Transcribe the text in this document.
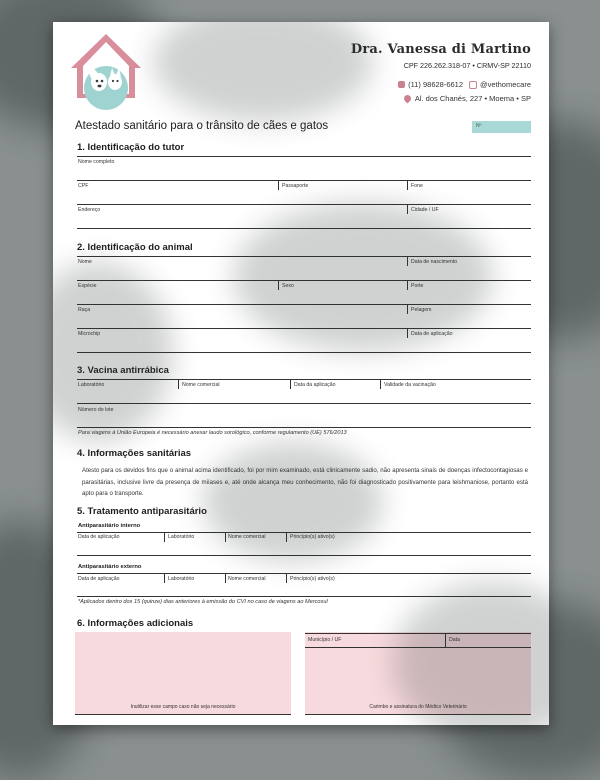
Dra. Vanessa di Martino
CPF 226.262.318-07 • CRMV-SP 22110
(11) 98628-6612 @vethomecare
Al. dos Chanés, 227 • Moema • SP
Atestado sanitário para o trânsito de cães e gatos	Nº
1. Identificação do tutor
Nome completo
CPF	Passaporte	Fone
Endereço	Cidade / UF
2. Identificação do animal
Nome	Data de nascimento
Espécie	Sexo	Porte
Raça	Pelagem
Microchip	Data de aplicação
3. Vacina antirrábica
Laboratório	Nome comercial	Data da aplicação	Validade da vacinação
Número do lote
Para viagens à União Europeia é necessário anexar laudo sorológico, conforme regulamento (UE) 576/2013
4. Informações sanitárias
Atesto para os devidos fins que o animal acima identificado, foi por mim examinado, está clinicamente sadio, não apresenta sinais de doenças infectocontagiosas e parasitárias, inclusive livre da presença de miíases e, até onde alcança meu conhecimento, não foi diagnosticado positivamente para leishmaniose, portanto está apto para o transporte.
5. Tratamento antiparasitário
Antiparasitário interno
Data de aplicação	Laboratório	Nome comercial	Princípio(s) ativo(s)
Antiparasitário externo
Data de aplicação	Laboratório	Nome comercial	Princípio(s) ativo(s)
*Aplicados dentro dos 15 (quinze) dias anteriores à emissão do CVI no caso de viagens ao Mercosul
6. Informações adicionais
Inutilizar esse campo caso não seja necessário
Município / UF	Data
Carimbo e assinatura do Médico Veterinário
